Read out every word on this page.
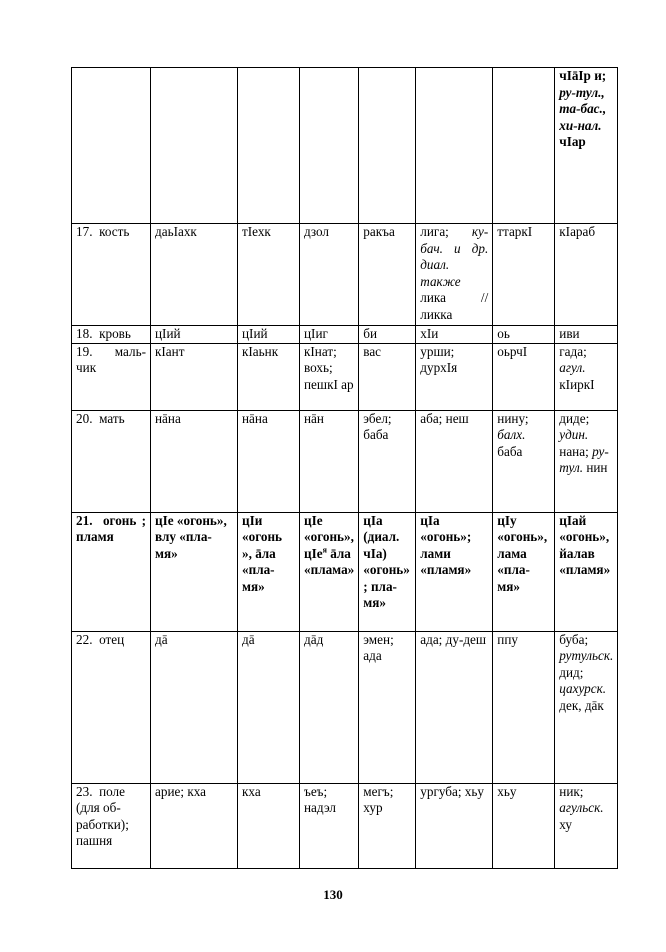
							чIāIр и; ру-тул., та-бас., хи-нал. чIар
17. кость	дaьIахк	тIехк	дзол	ракъа	лига; ку-бач. и др. диал. также лика // ликка	ттаркI	кIараб
18. кровь	цIий	цIий	цIиг	би	хIи	оь	иви
19. маль-чик	кIант	кIаьнк	кIнат; вохь; пешкI ар	вас	урши; дурхIя	оьрчI	гада; агул. кIиркI
20. мать	нāна	нāна	нāн	эбел; баба	аба; неш	нину; балх. баба	диде; удин. нана; ру-тул. нин
21. огонь ; пламя	цIе «огонь», влу «пла-мя»	цIи «огонь », āла «пла-мя»	цIе «огонь», цIе$^я$ āла «плама»	цIа (диал. чIа) «огонь» ; пла-мя»	цIа «огонь»; лами «пламя»	цIу «огонь», лама «пла-мя»	цIай «огонь», йалав «пламя»
22. отец	дā	дā	дāд	эмен; ада	ада; ду-деш	ппу	буба; рутульск. дид; цахурск. дек, дāк
23. поле (для об-работки); пашня	арие; кха	кха	ъеъ; надэл	мегъ; хур	ургуба; хьу	хьу	ник; агульск. ху
130
